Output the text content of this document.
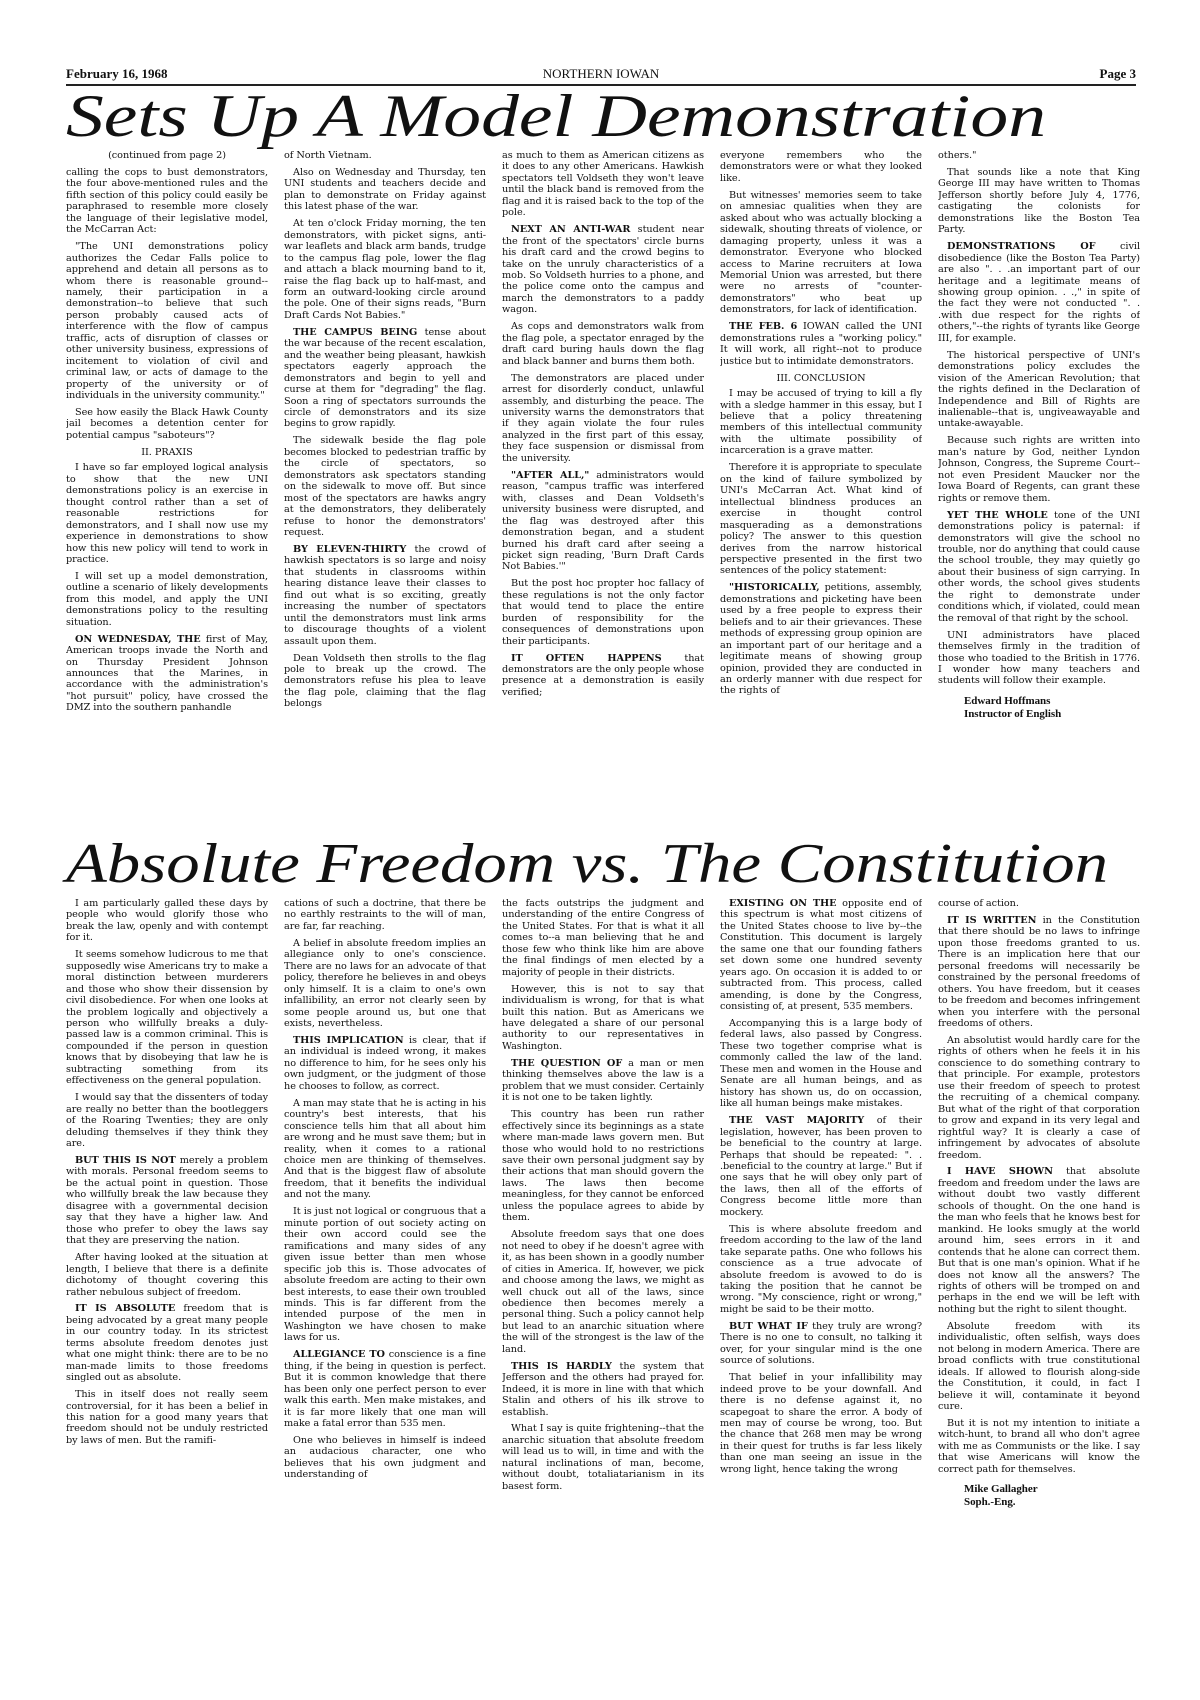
February 16, 1968	NORTHERN IOWAN	Page 3
Sets Up A Model Demonstration

(continued from page 2)

calling the cops to bust demonstrators, the four above-mentioned rules and the fifth section of this policy could easily be paraphrased to resemble more closely the language of their legislative model, the McCarran Act:

"The UNI demonstrations policy authorizes the Cedar Falls police to apprehend and detain all persons as to whom there is reasonable ground--namely, their participation in a demonstration--to believe that such person probably caused acts of interference with the flow of campus traffic, acts of disruption of classes or other university business, expressions of incitement to violation of civil and criminal law, or acts of damage to the property of the university or of individuals in the university community."

See how easily the Black Hawk County jail becomes a detention center for potential campus "saboteurs"?

II. PRAXIS

I have so far employed logical analysis to show that the new UNI demonstrations policy is an exercise in thought control rather than a set of reasonable restrictions for demonstrators, and I shall now use my experience in demonstrations to show how this new policy will tend to work in practice.

I will set up a model demonstration, outline a scenario of likely developments from this model, and apply the UNI demonstrations policy to the resulting situation.

ON WEDNESDAY, THE first of May, American troops invade the North and on Thursday President Johnson announces that the Marines, in accordance with the administration's "hot pursuit" policy, have crossed the DMZ into the southern panhandle

of North Vietnam.

Also on Wednesday and Thursday, ten UNI students and teachers decide and plan to demonstrate on Friday against this latest phase of the war.

At ten o'clock Friday morning, the ten demonstrators, with picket signs, anti-war leaflets and black arm bands, trudge to the campus flag pole, lower the flag and attach a black mourning band to it, raise the flag back up to half-mast, and form an outward-looking circle around the pole. One of their signs reads, "Burn Draft Cards Not Babies."

THE CAMPUS BEING tense about the war because of the recent escalation, and the weather being pleasant, hawkish spectators eagerly approach the demonstrators and begin to yell and curse at them for "degrading" the flag. Soon a ring of spectators surrounds the circle of demonstrators and its size begins to grow rapidly.

The sidewalk beside the flag pole becomes blocked to pedestrian traffic by the circle of spectators, so demonstrators ask spectators standing on the sidewalk to move off. But since most of the spectators are hawks angry at the demonstrators, they deliberately refuse to honor the demonstrators' request.

BY ELEVEN-THIRTY the crowd of hawkish spectators is so large and noisy that students in classrooms within hearing distance leave their classes to find out what is so exciting, greatly increasing the number of spectators until the demonstrators must link arms to discourage thoughts of a violent assault upon them.

Dean Voldseth then strolls to the flag pole to break up the crowd. The demonstrators refuse his plea to leave the flag pole, claiming that the flag belongs

as much to them as American citizens as it does to any other Americans. Hawkish spectators tell Voldseth they won't leave until the black band is removed from the flag and it is raised back to the top of the pole.

NEXT AN ANTI-WAR student near the front of the spectators' circle burns his draft card and the crowd begins to take on the unruly characteristics of a mob. So Voldseth hurries to a phone, and the police come onto the campus and march the demonstrators to a paddy wagon.

As cops and demonstrators walk from the flag pole, a spectator enraged by the draft card buring hauls down the flag and black banner and burns them both.

The demonstrators are placed under arrest for disorderly conduct, unlawful assembly, and disturbing the peace. The university warns the demonstrators that if they again violate the four rules analyzed in the first part of this essay, they face suspension or dismissal from the university.

"AFTER ALL," administrators would reason, "campus traffic was interfered with, classes and Dean Voldseth's university business were disrupted, and the flag was destroyed after this demonstration began, and a student burned his draft card after seeing a picket sign reading, 'Burn Draft Cards Not Babies.'"

But the post hoc propter hoc fallacy of these regulations is not the only factor that would tend to place the entire burden of responsibility for the consequences of demonstrations upon their participants.

IT OFTEN HAPPENS that demonstrators are the only people whose presence at a demonstration is easily verified;

everyone remembers who the demonstrators were or what they looked like.

But witnesses' memories seem to take on amnesiac qualities when they are asked about who was actually blocking a sidewalk, shouting threats of violence, or damaging property, unless it was a demonstrator. Everyone who blocked access to Marine recruiters at Iowa Memorial Union was arrested, but there were no arrests of "counter-demonstrators" who beat up demonstrators, for lack of identification.

THE FEB. 6 IOWAN called the UNI demonstrations rules a "working policy." It will work, all right--not to produce justice but to intimidate demonstrators.

III. CONCLUSION

I may be accused of trying to kill a fly with a sledge hammer in this essay, but I believe that a policy threatening members of this intellectual community with the ultimate possibility of incarceration is a grave matter.

Therefore it is appropriate to speculate on the kind of failure symbolized by UNI's McCarran Act. What kind of intellectual blindness produces an exercise in thought control masquerading as a demonstrations policy? The answer to this question derives from the narrow historical perspective presented in the first two sentences of the policy statement:

"HISTORICALLY, petitions, assembly, demonstrations and picketing have been used by a free people to express their beliefs and to air their grievances. These methods of expressing group opinion are an important part of our heritage and a legitimate means of showing group opinion, provided they are conducted in an orderly manner with due respect for the rights of

others."

That sounds like a note that King George III may have written to Thomas Jefferson shortly before July 4, 1776, castigating the colonists for demonstrations like the Boston Tea Party.

DEMONSTRATIONS OF civil disobedience (like the Boston Tea Party) are also ". . .an important part of our heritage and a legitimate means of showing group opinion. . .," in spite of the fact they were not conducted ". . .with due respect for the rights of others,"--the rights of tyrants like George III, for example.

The historical perspective of UNI's demonstrations policy excludes the vision of the American Revolution; that the rights defined in the Declaration of Independence and Bill of Rights are inalienable--that is, ungiveawayable and untake-awayable.

Because such rights are written into man's nature by God, neither Lyndon Johnson, Congress, the Supreme Court--not even President Maucker nor the Iowa Board of Regents, can grant these rights or remove them.

YET THE WHOLE tone of the UNI demonstrations policy is paternal: if demonstrators will give the school no trouble, nor do anything that could cause the school trouble, they may quietly go about their business of sign carrying. In other words, the school gives students the right to demonstrate under conditions which, if violated, could mean the removal of that right by the school.

UNI administrators have placed themselves firmly in the tradition of those who toadied to the British in 1776. I wonder how many teachers and students will follow their example.

Edward Hoffmans
Instructor of English
Absolute Freedom vs. The Constitution

I am particularly galled these days by people who would glorify those who break the law, openly and with contempt for it.

It seems somehow ludicrous to me that supposedly wise Americans try to make a moral distinction between murderers and those who show their dissension by civil disobedience. For when one looks at the problem logically and objectively a person who willfully breaks a duly-passed law is a common criminal. This is compounded if the person in question knows that by disobeying that law he is subtracting something from its effectiveness on the general population.

I would say that the dissenters of today are really no better than the bootleggers of the Roaring Twenties; they are only deluding themselves if they think they are.

BUT THIS IS NOT merely a problem with morals. Personal freedom seems to be the actual point in question. Those who willfully break the law because they disagree with a governmental decision say that they have a higher law. And those who prefer to obey the laws say that they are preserving the nation.

After having looked at the situation at length, I believe that there is a definite dichotomy of thought covering this rather nebulous subject of freedom.

IT IS ABSOLUTE freedom that is being advocated by a great many people in our country today. In its strictest terms absolute freedom denotes just what one might think: there are to be no man-made limits to those freedoms singled out as absolute.

This in itself does not really seem controversial, for it has been a belief in this nation for a good many years that freedom should not be unduly restricted by laws of men. But the ramifi-

cations of such a doctrine, that there be no earthly restraints to the will of man, are far, far reaching.

A belief in absolute freedom implies an allegiance only to one's conscience. There are no laws for an advocate of that policy, therefore he believes in and obeys only himself. It is a claim to one's own infallibility, an error not clearly seen by some people around us, but one that exists, nevertheless.

THIS IMPLICATION is clear, that if an individual is indeed wrong, it makes no difference to him, for he sees only his own judgment, or the judgment of those he chooses to follow, as correct.

A man may state that he is acting in his country's best interests, that his conscience tells him that all about him are wrong and he must save them; but in reality, when it comes to a rational choice men are thinking of themselves. And that is the biggest flaw of absolute freedom, that it benefits the individual and not the many.

It is just not logical or congruous that a minute portion of out society acting on their own accord could see the ramifications and many sides of any given issue better than men whose specific job this is. Those advocates of absolute freedom are acting to their own best interests, to ease their own troubled minds. This is far different from the intended purpose of the men in Washington we have chosen to make laws for us.

ALLEGIANCE TO conscience is a fine thing, if the being in question is perfect. But it is common knowledge that there has been only one perfect person to ever walk this earth. Men make mistakes, and it is far more likely that one man will make a fatal error than 535 men.

One who believes in himself is indeed an audacious character, one who believes that his own judgment and understanding of

the facts outstrips the judgment and understanding of the entire Congress of the United States. For that is what it all comes to--a man believing that he and those few who think like him are above the final findings of men elected by a majority of people in their districts.

However, this is not to say that individualism is wrong, for that is what built this nation. But as Americans we have delegated a share of our personal authority to our representatives in Washington.

THE QUESTION OF a man or men thinking themselves above the law is a problem that we must consider. Certainly it is not one to be taken lightly.

This country has been run rather effectively since its beginnings as a state where man-made laws govern men. But those who would hold to no restrictions save their own personal judgment say by their actions that man should govern the laws. The laws then become meaningless, for they cannot be enforced unless the populace agrees to abide by them.

Absolute freedom says that one does not need to obey if he doesn't agree with it, as has been shown in a goodly number of cities in America. If, however, we pick and choose among the laws, we might as well chuck out all of the laws, since obedience then becomes merely a personal thing. Such a policy cannot help but lead to an anarchic situation where the will of the strongest is the law of the land.

THIS IS HARDLY the system that Jefferson and the others had prayed for. Indeed, it is more in line with that which Stalin and others of his ilk strove to establish.

What I say is quite frightening--that the anarchic situation that absolute freedom will lead us to will, in time and with the natural inclinations of man, become, without doubt, totaliatarianism in its basest form.

EXISTING ON THE opposite end of this spectrum is what most citizens of the United States choose to live by--the Constitution. This document is largely the same one that our founding fathers set down some one hundred seventy years ago. On occasion it is added to or subtracted from. This process, called amending, is done by the Congress, consisting of, at present, 535 members.

Accompanying this is a large body of federal laws, also passed by Congress. These two together comprise what is commonly called the law of the land. These men and women in the House and Senate are all human beings, and as history has shown us, do on occassion, like all human beings make mistakes.

THE VAST MAJORITY of their legislation, however, has been proven to be beneficial to the country at large. Perhaps that should be repeated: ". . .beneficial to the country at large." But if one says that he will obey only part of the laws, then all of the efforts of Congress become little more than mockery.

This is where absolute freedom and freedom according to the law of the land take separate paths. One who follows his conscience as a true advocate of absolute freedom is avowed to do is taking the position that he cannot be wrong. "My conscience, right or wrong," might be said to be their motto.

BUT WHAT IF they truly are wrong? There is no one to consult, no talking it over, for your singular mind is the one source of solutions.

That belief in your infallibility may indeed prove to be your downfall. And there is no defense against it, no scapegoat to share the error. A body of men may of course be wrong, too. But the chance that 268 men may be wrong in their quest for truths is far less likely than one man seeing an issue in the wrong light, hence taking the wrong

course of action.

IT IS WRITTEN in the Constitution that there should be no laws to infringe upon those freedoms granted to us. There is an implication here that our personal freedoms will necessarily be constrained by the personal freedoms of others. You have freedom, but it ceases to be freedom and becomes infringement when you interfere with the personal freedoms of others.

An absolutist would hardly care for the rights of others when he feels it in his conscience to do something contrary to that principle. For example, protestors use their freedom of speech to protest the recruiting of a chemical company. But what of the right of that corporation to grow and expand in its very legal and rightful way? It is clearly a case of infringement by advocates of absolute freedom.

I HAVE SHOWN that absolute freedom and freedom under the laws are without doubt two vastly different schools of thought. On the one hand is the man who feels that he knows best for mankind. He looks smugly at the world around him, sees errors in it and contends that he alone can correct them. But that is one man's opinion. What if he does not know all the answers? The rights of others will be tromped on and perhaps in the end we will be left with nothing but the right to silent thought.

Absolute freedom with its individualistic, often selfish, ways does not belong in modern America. There are broad conflicts with true constitutional ideals. If allowed to flourish along-side the Constitution, it could, in fact I believe it will, contaminate it beyond cure.

But it is not my intention to initiate a witch-hunt, to brand all who don't agree with me as Communists or the like. I say that wise Americans will know the correct path for themselves.

Mike Gallagher
Soph.-Eng.
